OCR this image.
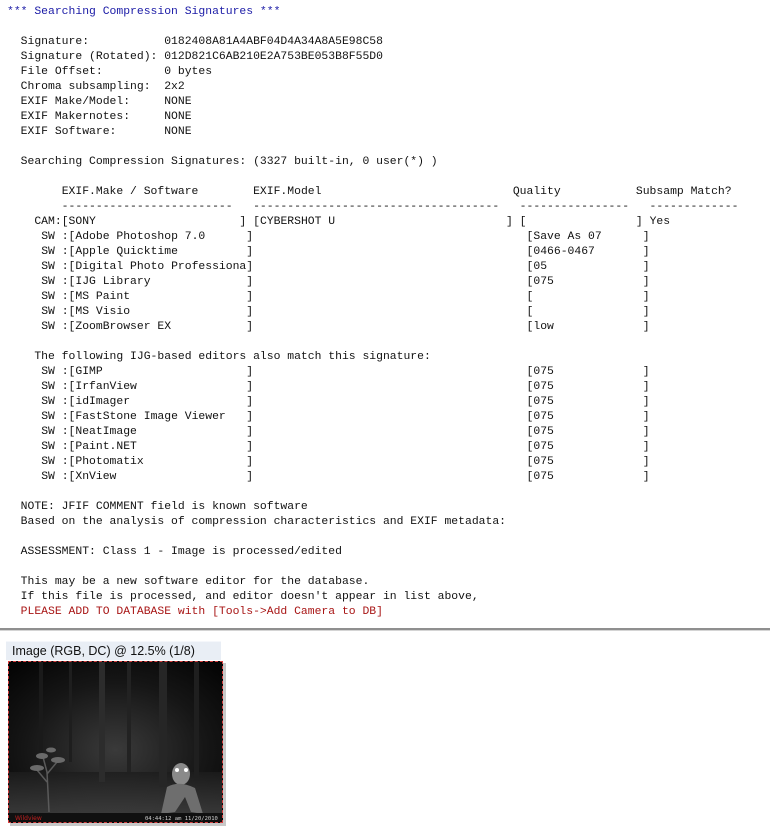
*** Searching Compression Signatures ***

Signature:           0182408A81A4ABF04D4A34A8A5E98C58
Signature (Rotated): 012D821C6AB210E2A753BE053B8F55D0
File Offset:         0 bytes
Chroma subsampling:  2x2
EXIF Make/Model:     NONE
EXIF Makernotes:     NONE
EXIF Software:       NONE

Searching Compression Signatures: (3327 built-in, 0 user(*) )

EXIF.Make / Software        EXIF.Model                            Quality           Subsamp Match?
-------------------------   ------------------------------------   ----------------   -------------
CAM:[SONY                     ] [CYBERSHOT U                         ] [	] Yes
SW :[Adobe Photoshop 7.0      ]                                        [Save As 07      ]
SW :[Apple Quicktime          ]                                        [0466-0467       ]
SW :[Digital Photo Professiona]                                        [05              ]
SW :[IJG Library              ]                                        [075             ]
SW :[MS Paint                 ]                                        [	]
SW :[MS Visio                 ]                                        [	]
SW :[ZoomBrowser EX           ]                                        [low             ]

The following IJG-based editors also match this signature:
SW :[GIMP                     ]                                        [075             ]
SW :[IrfanView                ]                                        [075             ]
SW :[idImager                 ]                                        [075             ]
SW :[FastStone Image Viewer   ]                                        [075             ]
SW :[NeatImage                ]                                        [075             ]
SW :[Paint.NET                ]                                        [075             ]
SW :[Photomatix               ]                                        [075             ]
SW :[XnView                   ]                                        [075             ]

NOTE: JFIF COMMENT field is known software
Based on the analysis of compression characteristics and EXIF metadata:

ASSESSMENT: Class 1 - Image is processed/edited

This may be a new software editor for the database.
If this file is processed, and editor doesn't appear in list above,
PLEASE ADD TO DATABASE with [Tools->Add Camera to DB]
Image (RGB, DC) @ 12.5% (1/8)
Wildview	04:44:12 am 11/20/2010
